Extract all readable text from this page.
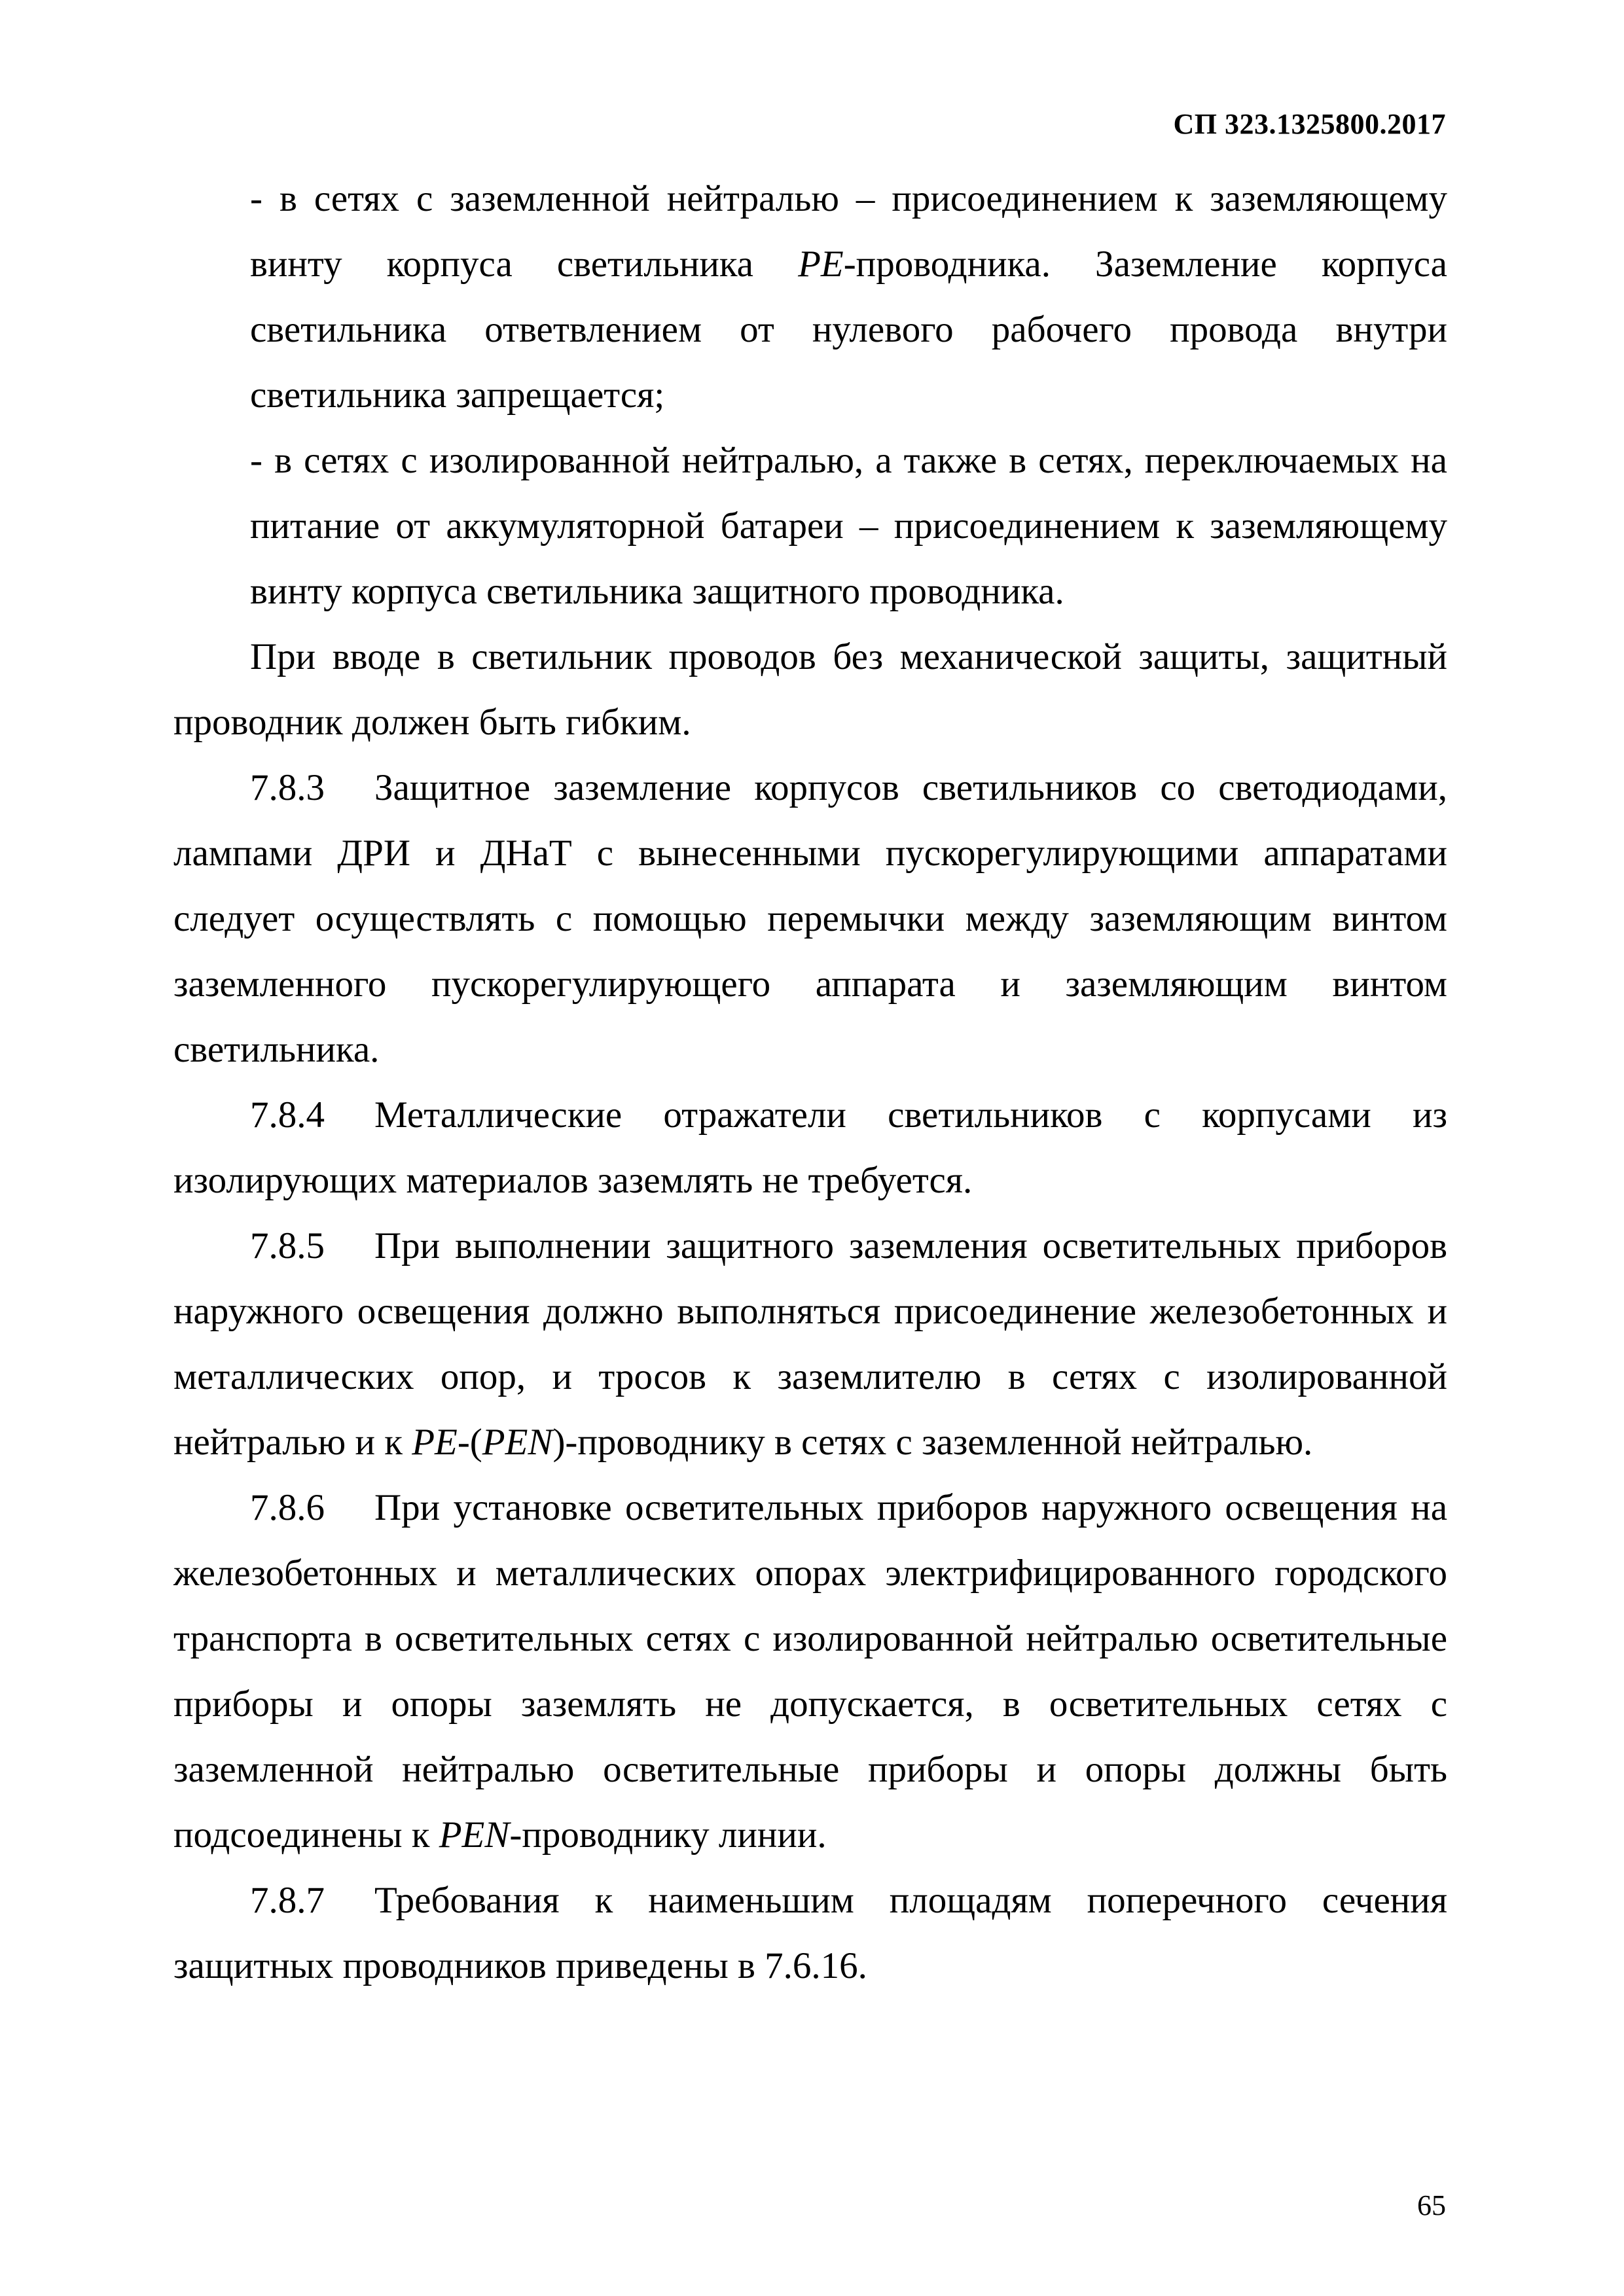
СП 323.1325800.2017

- в сетях с заземленной нейтралью – присоединением к заземляющему винту корпуса светильника PE-проводника. Заземление корпуса светильника ответвлением от нулевого рабочего провода внутри светильника запрещается;

- в сетях с изолированной нейтралью, а также в сетях, переключаемых на питание от аккумуляторной батареи – присоединением к заземляющему винту корпуса светильника защитного проводника.

При вводе в светильник проводов без механической защиты, защитный проводник должен быть гибким.

7.8.3 Защитное заземление корпусов светильников со светодиодами, лампами ДРИ и ДНаТ с вынесенными пускорегулирующими аппаратами следует осуществлять с помощью перемычки между заземляющим винтом заземленного пускорегулирующего аппарата и заземляющим винтом светильника.

7.8.4 Металлические отражатели светильников с корпусами из изолирующих материалов заземлять не требуется.

7.8.5 При выполнении защитного заземления осветительных приборов наружного освещения должно выполняться присоединение железобетонных и металлических опор, и тросов к заземлителю в сетях с изолированной нейтралью и к PE-(PEN)-проводнику в сетях с заземленной нейтралью.

7.8.6 При установке осветительных приборов наружного освещения на железобетонных и металлических опорах электрифицированного городского транспорта в осветительных сетях с изолированной нейтралью осветительные приборы и опоры заземлять не допускается, в осветительных сетях с заземленной нейтралью осветительные приборы и опоры должны быть подсоединены к PEN-проводнику линии.

7.8.7 Требования к наименьшим площадям поперечного сечения защитных проводников приведены в 7.6.16.

65
